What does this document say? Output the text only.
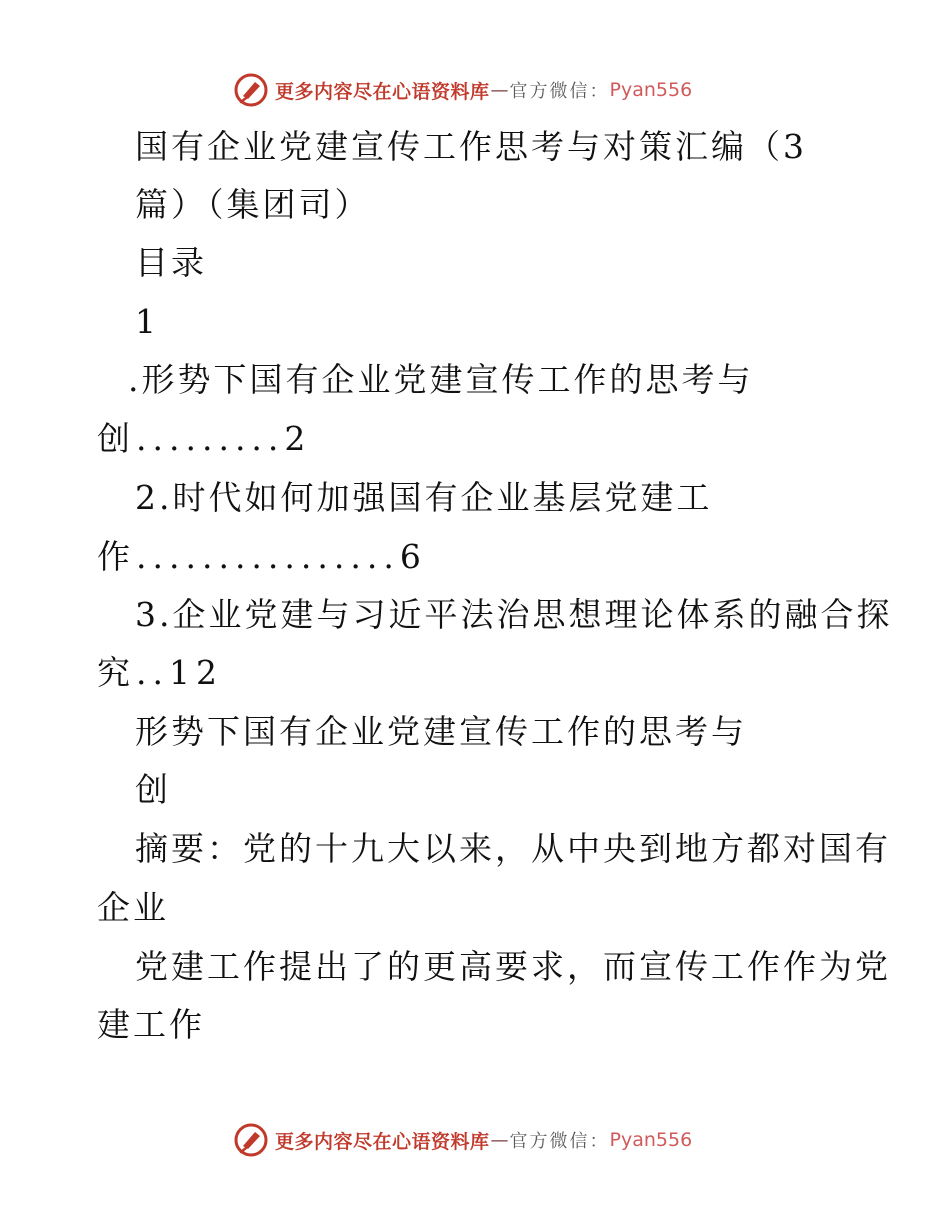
更多内容尽在心语资料库 — 官方微信： Pyan556
国有企业党建宣传工作思考与对策汇编（3
篇）（集团司）
目录
1
.形势下国有企业党建宣传工作的思考与
创.........2
2.时代如何加强国有企业基层党建工
作................6
3.企业党建与习近平法治思想理论体系的融合探
究..12
形势下国有企业党建宣传工作的思考与
创
摘要：党的十九大以来，从中央到地方都对国有
企业
党建工作提出了的更高要求，而宣传工作作为党
建工作
更多内容尽在心语资料库 — 官方微信： Pyan556
